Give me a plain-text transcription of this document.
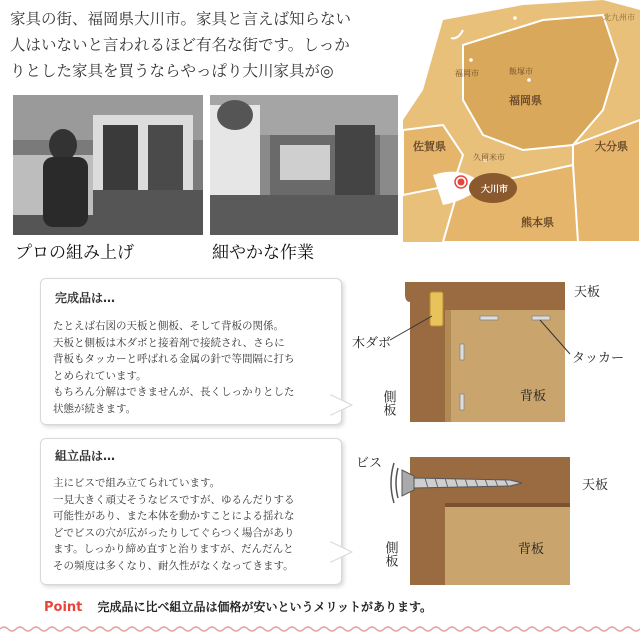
家具の街、福岡県大川市。家具と言えば知らない
人はいないと言われるほど有名な街です。しっか
りとした家具を買うならやっぱり大川家具が◎
プロの組み上げ	細やかな作業
北九州市
福岡市	飯塚市
福岡県
佐賀県	大分県
久留米市
熊本県
大川市
完成品は…
たとえば右図の天板と側板、そして背板の関係。
天板と側板は木ダボと接着剤で接続され、さらに
背板もタッカーと呼ばれる金属の針で等間隔に打ち
とめられています。
もちろん分解はできませんが、長くしっかりとした
状態が続きます。
組立品は…
主にビスで組み立てられています。
一見大きく頑丈そうなビスですが、ゆるんだりする
可能性があり、また本体を動かすことによる揺れな
どでビスの穴が広がったりしてぐらつく場合があり
ます。しっかり締め直すと治りますが、だんだんと
その頻度は多くなり、耐久性がなくなってきます。
天板
木ダボ
タッカー
側板	背板
ビス
天板
側板	背板
Point 完成品に比べ組立品は価格が安いというメリットがあります。
